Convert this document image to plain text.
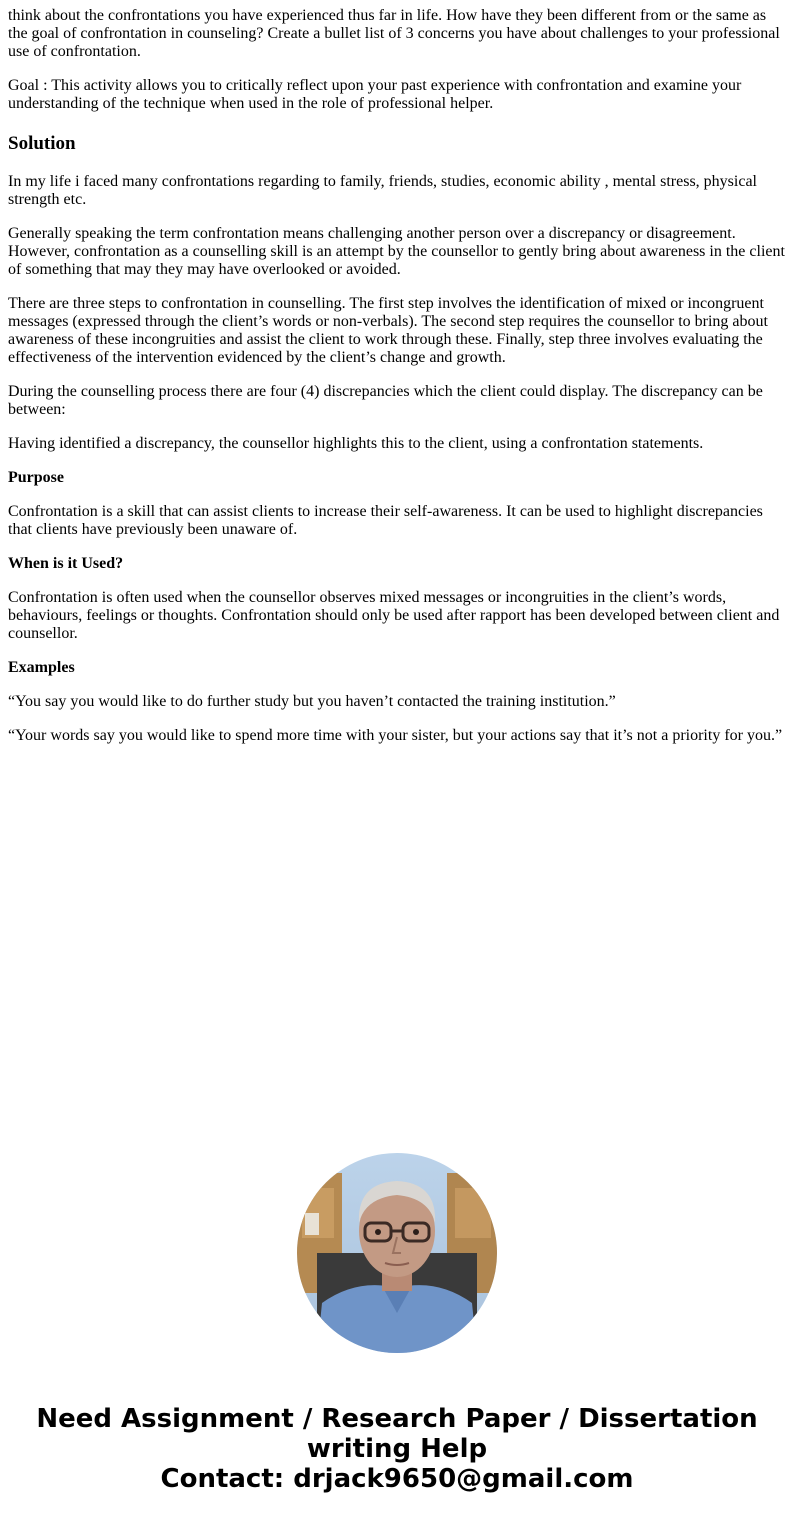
think about the confrontations you have experienced thus far in life. How have they been different from or the same as the goal of confrontation in counseling? Create a bullet list of 3 concerns you have about challenges to your professional use of confrontation.

Goal : This activity allows you to critically reflect upon your past experience with confrontation and examine your understanding of the technique when used in the role of professional helper.

Solution

In my life i faced many confrontations regarding to family, friends, studies, economic ability , mental stress, physical strength etc.

Generally speaking the term confrontation means challenging another person over a discrepancy or disagreement. However, confrontation as a counselling skill is an attempt by the counsellor to gently bring about awareness in the client of something that may they may have overlooked or avoided.

There are three steps to confrontation in counselling. The first step involves the identification of mixed or incongruent messages (expressed through the client’s words or non-verbals). The second step requires the counsellor to bring about awareness of these incongruities and assist the client to work through these. Finally, step three involves evaluating the effectiveness of the intervention evidenced by the client’s change and growth.

During the counselling process there are four (4) discrepancies which the client could display. The discrepancy can be between:

Having identified a discrepancy, the counsellor highlights this to the client, using a confrontation statements.

Purpose

Confrontation is a skill that can assist clients to increase their self-awareness. It can be used to highlight discrepancies that clients have previously been unaware of.

When is it Used?

Confrontation is often used when the counsellor observes mixed messages or incongruities in the client’s words, behaviours, feelings or thoughts. Confrontation should only be used after rapport has been developed between client and counsellor.

Examples

“You say you would like to do further study but you haven’t contacted the training institution.”

“Your words say you would like to spend more time with your sister, but your actions say that it’s not a priority for you.”

Need Assignment / Research Paper / Dissertation
writing Help
Contact: drjack9650@gmail.com
